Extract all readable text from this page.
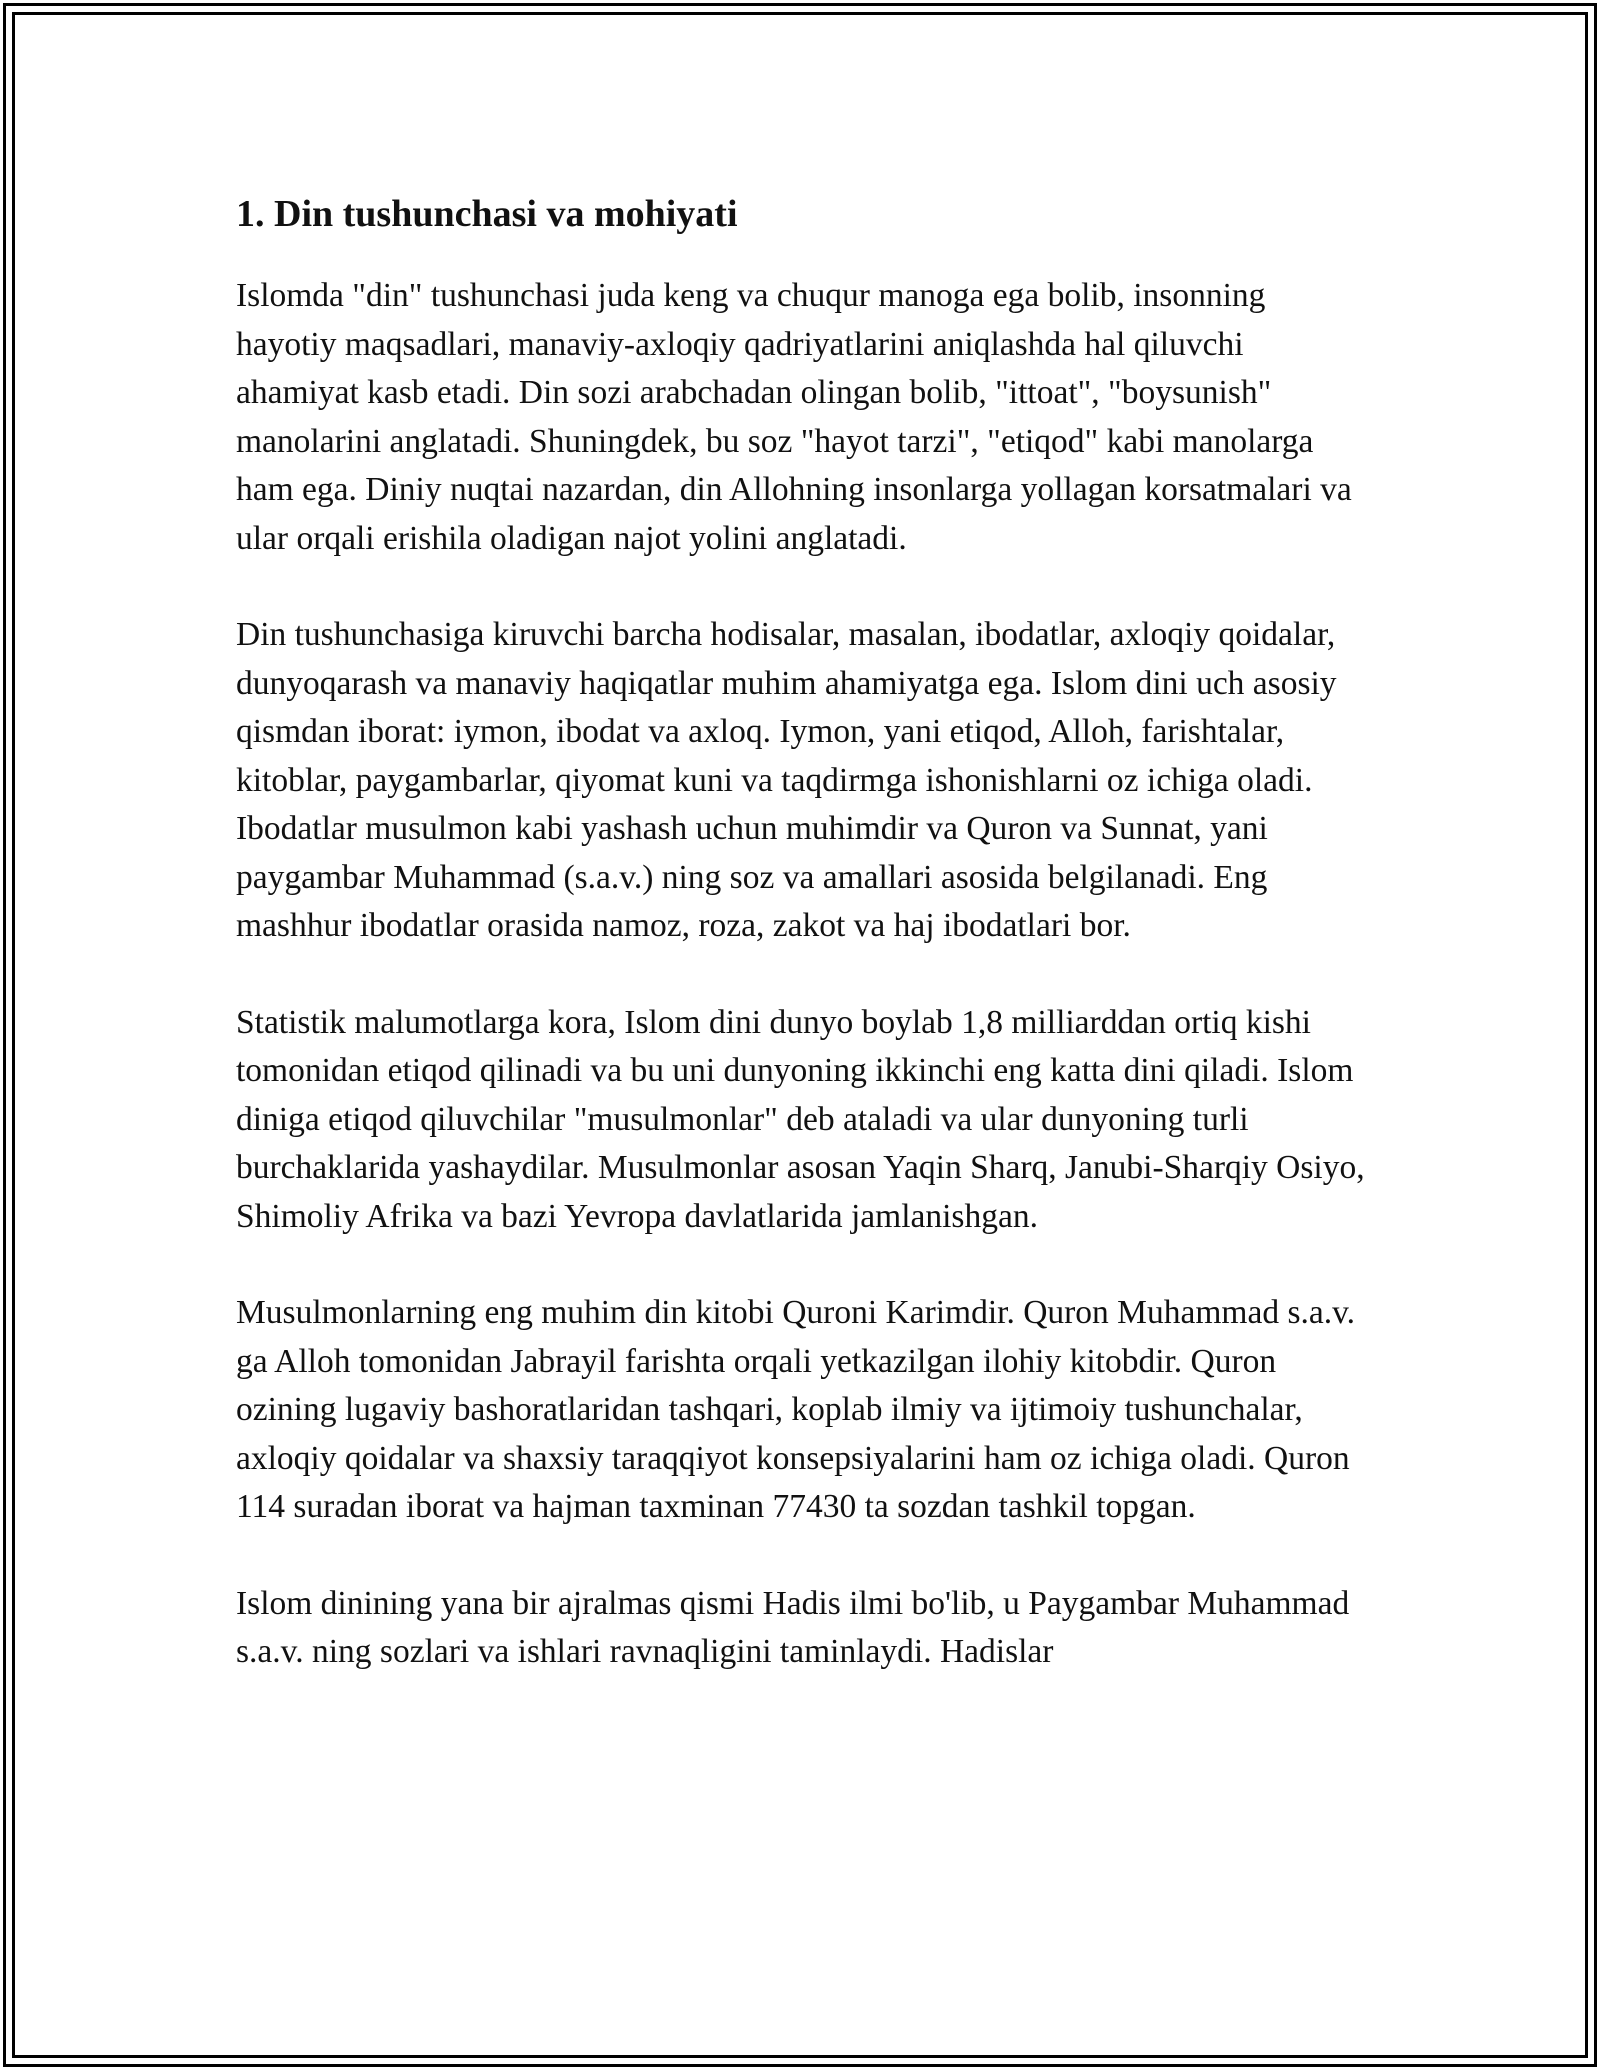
1. Din tushunchasi va mohiyati

Islomda "din" tushunchasi juda keng va chuqur manoga ega bolib, insonning hayotiy maqsadlari, manaviy-axloqiy qadriyatlarini aniqlashda hal qiluvchi ahamiyat kasb etadi. Din sozi arabchadan olingan bolib, "ittoat", "boysunish" manolarini anglatadi. Shuningdek, bu soz "hayot tarzi", "etiqod" kabi manolarga ham ega. Diniy nuqtai nazardan, din Allohning insonlarga yollagan korsatmalari va ular orqali erishila oladigan najot yolini anglatadi.

Din tushunchasiga kiruvchi barcha hodisalar, masalan, ibodatlar, axloqiy qoidalar, dunyoqarash va manaviy haqiqatlar muhim ahamiyatga ega. Islom dini uch asosiy qismdan iborat: iymon, ibodat va axloq. Iymon, yani etiqod, Alloh, farishtalar, kitoblar, paygambarlar, qiyomat kuni va taqdirmga ishonishlarni oz ichiga oladi. Ibodatlar musulmon kabi yashash uchun muhimdir va Quron va Sunnat, yani paygambar Muhammad (s.a.v.) ning soz va amallari asosida belgilanadi. Eng mashhur ibodatlar orasida namoz, roza, zakot va haj ibodatlari bor.

Statistik malumotlarga kora, Islom dini dunyo boylab 1,8 milliarddan ortiq kishi tomonidan etiqod qilinadi va bu uni dunyoning ikkinchi eng katta dini qiladi. Islom diniga etiqod qiluvchilar "musulmonlar" deb ataladi va ular dunyoning turli burchaklarida yashaydilar. Musulmonlar asosan Yaqin Sharq, Janubi-Sharqiy Osiyo, Shimoliy Afrika va bazi Yevropa davlatlarida jamlanishgan.

Musulmonlarning eng muhim din kitobi Quroni Karimdir. Quron Muhammad s.a.v. ga Alloh tomonidan Jabrayil farishta orqali yetkazilgan ilohiy kitobdir. Quron ozining lugaviy bashoratlaridan tashqari, koplab ilmiy va ijtimoiy tushunchalar, axloqiy qoidalar va shaxsiy taraqqiyot konsepsiyalarini ham oz ichiga oladi. Quron 114 suradan iborat va hajman taxminan 77430 ta sozdan tashkil topgan.

Islom dinining yana bir ajralmas qismi Hadis ilmi bo'lib, u Paygambar Muhammad s.a.v. ning sozlari va ishlari ravnaqligini taminlaydi. Hadislar
